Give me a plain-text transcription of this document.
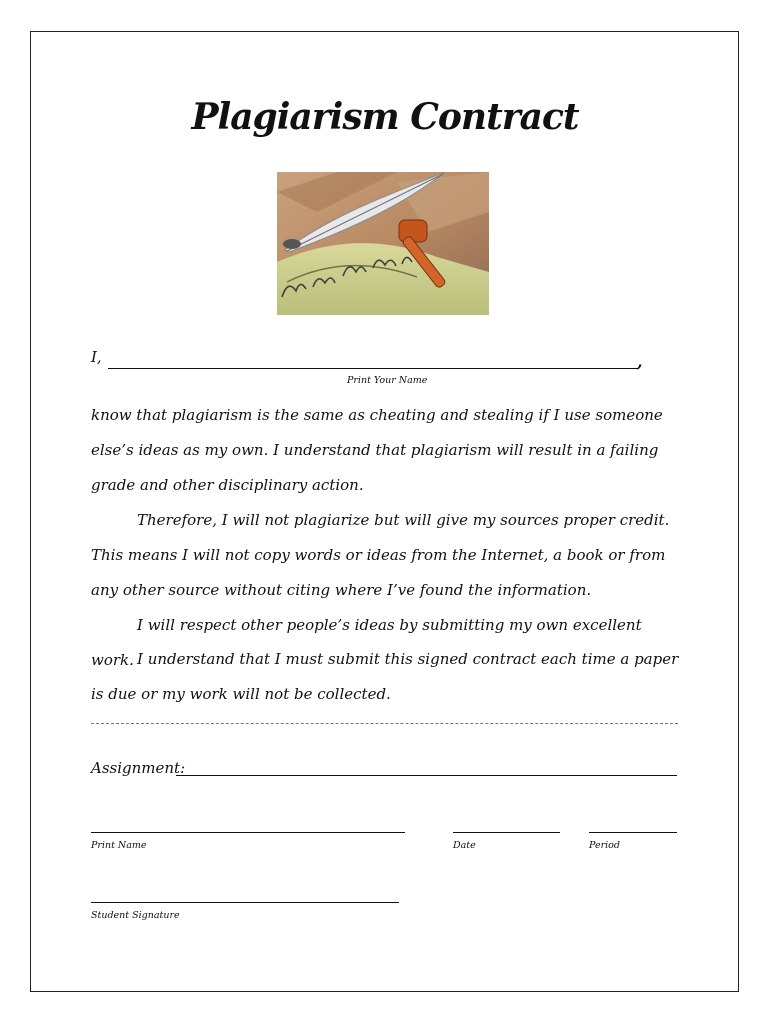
Plagiarism Contract
I,	,
Print Your Name
know that plagiarism is the same as cheating and stealing if I use someone else’s ideas as my own. I understand that plagiarism will result in a failing grade and other disciplinary action.
Therefore, I will not plagiarize but will give my sources proper credit. This means I will not copy words or ideas from the Internet, a book or from any other source without citing where I’ve found the information.
I will respect other people’s ideas by submitting my own excellent work. I understand that I must submit this signed contract each time a paper is due or my work will not be collected.
Assignment:
Print Name	Date	Period
Student Signature
